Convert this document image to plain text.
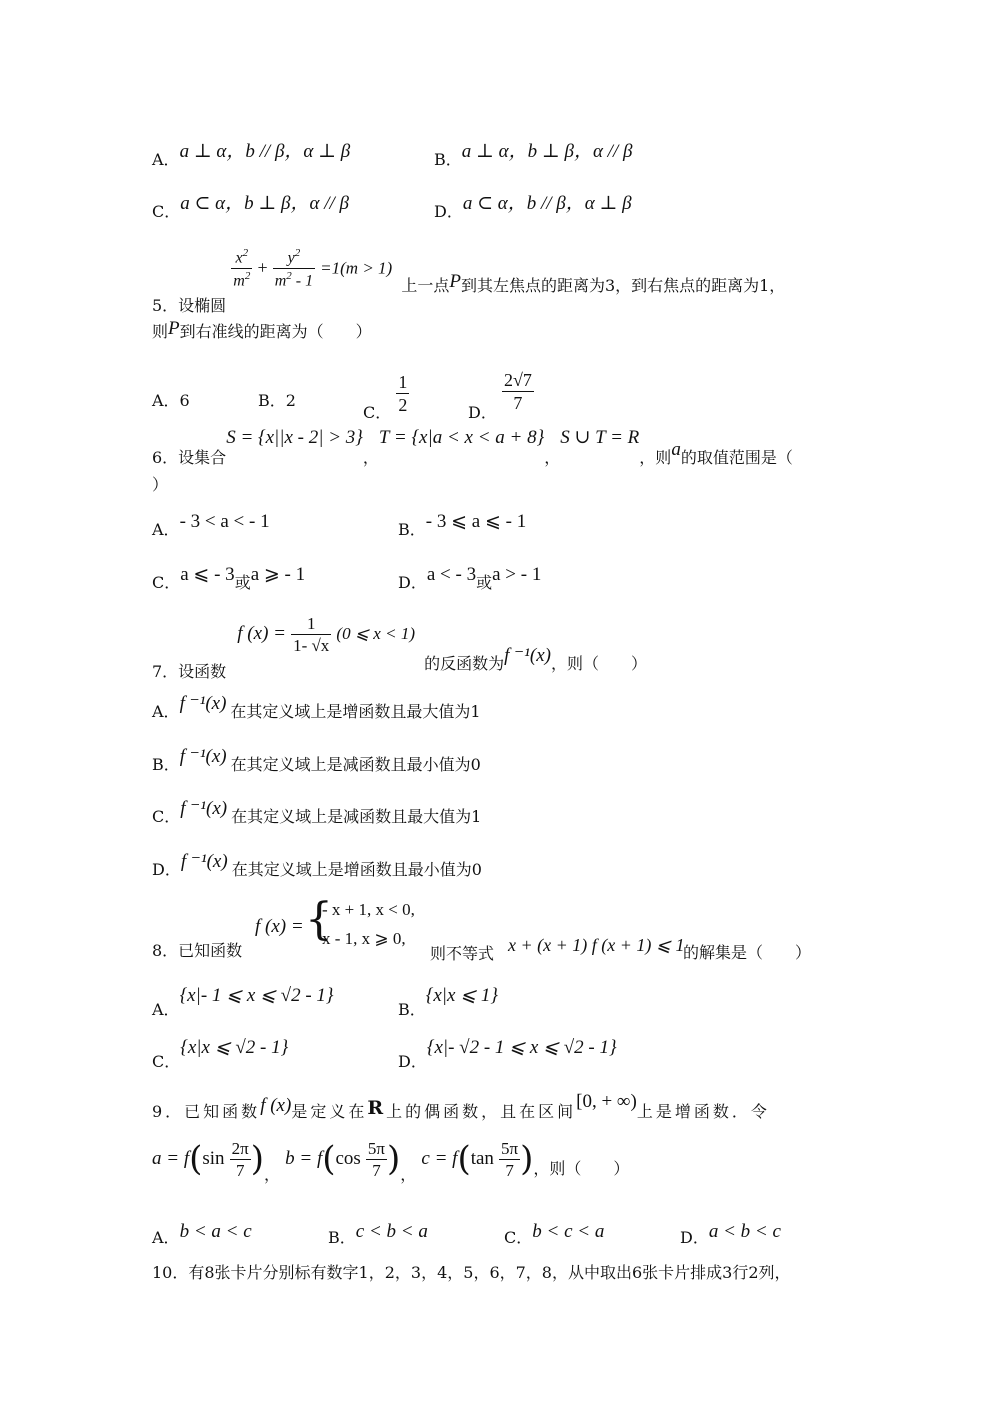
A．a ⊥ α，b // β，α ⊥ β	B．a ⊥ α，b ⊥ β，α // β
C．a ⊂ α，b ⊥ β，α // β	D．a ⊂ α，b // β，α ⊥ β
5．设椭圆
$\frac{x^2}{m^2} + \frac{y^2}{m^2 - 1} =1(m > 1)$ 上一点P到其左焦点的距离为3，到右焦点的距离为1，
则P到右准线的距离为（　　）
A．6	B．2
C． $\frac{1}{2}$	D．
$\frac{2√7}{7}$
6．设集合S = {x||x - 2| > 3}，T = {x|a < x < a + 8}，S ∪ T = R，则a的取值范围是（
）
A．- 3 < a < - 1	B．- 3 ⩽ a ⩽ - 1
C．a ⩽ - 3或a ⩾ - 1	D．a < - 3或a > - 1
7．设函数 f $(x) = \frac{1}{1- √x} (0$ ⩽ x < 1) 的反函数为f ⁻¹(x)，则（　　）
A．f ⁻¹(x) 在其定义域上是增函数且最大值为1
B．f ⁻¹(x) 在其定义域上是减函数且最小值为0
C．f ⁻¹(x) 在其定义域上是减函数且最大值为1
D．f ⁻¹(x) 在其定义域上是增函数且最小值为0
8．已知函数
f (x) = {
- x + 1, x < 0,
x - 1, x ⩾ 0,
则不等式 x + (x + 1) f (x + 1) ⩽ 1
的解集是（　　）
A．{x|- 1 ⩽ x ⩽ √2 - 1}
B．{x|x ⩽ 1}
C．{x|x ⩽ √2 - 1}
D．{x|- √2 - 1 ⩽ x ⩽ √2 - 1}
9．已知函数f (x)是定义在R上的偶函数，且在区间[0, + ∞)上是增函数．令
$a = f(\sin \frac{2\pi}{7}$ )， $b = f(\cos \frac{5\pi}{7}$ )， $c = f(\tan \frac{5\pi}{7}$ )，则（　　）
A．b < a < c	B．c < b < a	C．b < c < a	D．a < b < c
10．有8张卡片分别标有数字1，2，3，4，5，6，7，8，从中取出6张卡片排成3行2列，
